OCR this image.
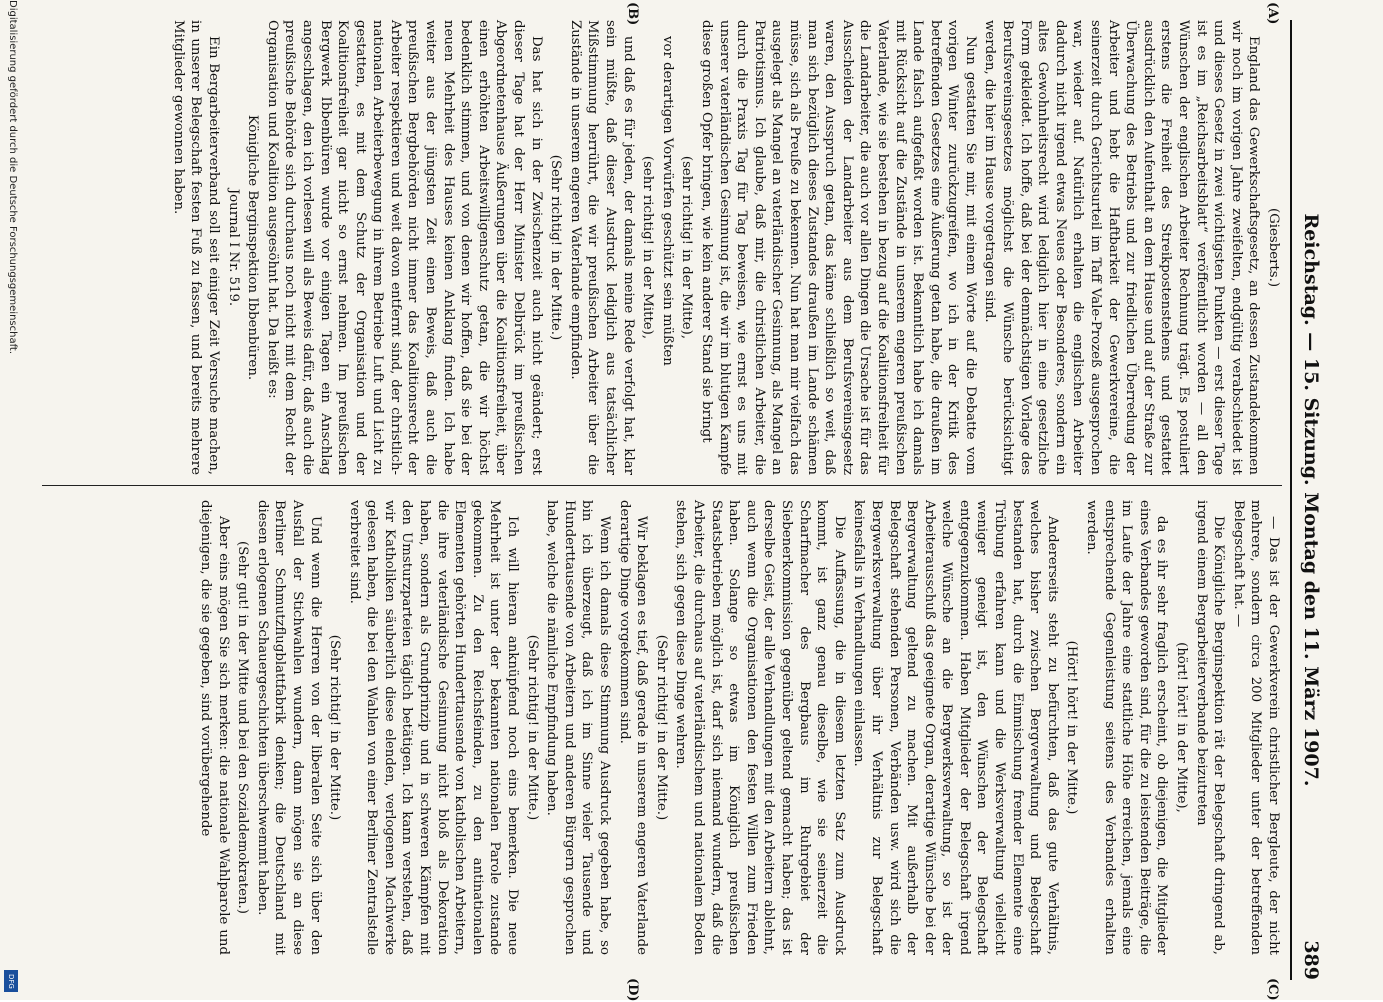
Digitalisierung gefördert durch die Deutsche Forschungsgemeinschaft.
DFG
Reichstag. — 15. Sitzung. Montag den 11. März 1907.
389
(A)
(B)
(C)
(D)

(Giesberts.)

England das Gewerkschaftsgesetz, an dessen Zustandekommen wir noch im vorigen Jahre zweifelten, endgültig verabschiedet ist und dieses Gesetz in zwei wichtigsten Punkten — erst dieser Tage ist es im „Reichsarbeitsblatt“ veröffentlicht worden — all den Wünschen der englischen Arbeiter Rechnung trägt. Es postuliert erstens die Freiheit des Streikpostenstehens und gestattet ausdrücklich den Aufenthalt an dem Hause und auf der Straße zur Überwachung des Betriebs und zur friedlichen Überredung der Arbeiter und hebt die Haftbarkeit der Gewerkvereine, die seinerzeit durch Gerichtsurteil im Taff Vale-Prozeß ausgesprochen war, wieder auf. Natürlich erhalten die englischen Arbeiter dadurch nicht irgend etwas Neues oder Besonderes, sondern ein altes Gewohnheitsrecht wird lediglich hier in eine gesetzliche Form gekleidet. Ich hoffe, daß bei der demnächstigen Vorlage des Berufsvereinsgesetzes möglichst die Wünsche berücksichtigt werden, die hier im Hause vorgetragen sind.

Nun gestatten Sie mir, mit einem Worte auf die Debatte vom vorigen Winter zurückzugreifen, wo ich in der Kritik des betreffenden Gesetzes eine Äußerung getan habe, die draußen im Lande falsch aufgefaßt worden ist. Bekanntlich habe ich damals mit Rücksicht auf die Zustände in unserem engeren preußischen Vaterlande, wie sie bestehen in bezug auf die Koalitionsfreiheit für die Landarbeiter, die auch vor allen Dingen die Ursache ist für das Ausscheiden der Landarbeiter aus dem Berufsvereinsgesetz waren, den Ausspruch getan, das käme schließlich so weit, daß man sich bezüglich dieses Zustandes draußen im Lande schämen müsse, sich als Preuße zu bekennen. Nun hat man mir vielfach das ausgelegt als Mangel an vaterländischer Gesinnung, als Mangel an Patriotismus. Ich glaube, daß mir, die christlichen Arbeiter, die durch die Praxis Tag für Tag beweisen, wie ernst es uns mit unserer vaterländischen Gesinnung ist, die wir im blutigen Kampfe diese großen Opfer bringen, wie kein anderer Stand sie bringt

(sehr richtig! in der Mitte),

vor derartigen Vorwürfen geschützt sein müßten

(sehr richtig! in der Mitte),

und daß es für jeden, der damals meine Rede verfolgt hat, klar sein müßte, daß dieser Ausdruck lediglich aus tatsächlicher Mißstimmung herrührt, die wir preußischen Arbeiter über die Zustände in unserem engeren Vaterlande empfinden.

(Sehr richtig! in der Mitte.)

Das hat sich in der Zwischenzeit auch nicht geändert; erst dieser Tage hat der Herr Minister Delbrück im preußischen Abgeordnetenhause Äußerungen über die Koalitionsfreiheit, über einen erhöhten Arbeitswilligenschutz getan, die wir höchst bedenklich stimmen, und von denen wir hoffen, daß sie bei der neuen Mehrheit des Hauses keinen Anklang finden. Ich habe weiter aus der jüngsten Zeit einen Beweis, daß auch die preußischen Bergbehörden nicht immer das Koalitionsrecht der Arbeiter respektieren und weit davon entfernt sind, der christlich-nationalen Arbeiterbewegung in ihrem Betriebe Luft und Licht zu gestatten, es mit dem Schutz der Organisation und der Koalitionsfreiheit gar nicht so ernst nehmen. Im preußischen Bergwerk Ibbenbüren wurde vor einigen Tagen ein Anschlag angeschlagen, den ich vorlesen will als Beweis dafür, daß auch die preußische Behörde sich durchaus noch nicht mit dem Recht der Organisation und Koalition ausgesöhnt hat. Da heißt es:

Königliche Berginspektion Ibbenbüren.

Journal I Nr. 519.

Ein Bergarbeiterverband soll seit einiger Zeit Versuche machen, in unserer Belegschaft festen Fuß zu fassen, und bereits mehrere Mitglieder gewonnen haben.

— Das ist der Gewerkverein christlicher Bergleute, der nicht mehrere, sondern circa 200 Mitglieder unter der betreffenden Belegschaft hat. —

Die Königliche Berginspektion rät der Belegschaft dringend ab, irgend einem Bergarbeiterverbande beizutreten

(hört! hört! in der Mitte),

da es ihr sehr fraglich erscheint, ob diejenigen, die Mitglieder eines Verbandes geworden sind, für die zu leistenden Beiträge, die im Laufe der Jahre eine stattliche Höhe erreichen, jemals eine entsprechende Gegenleistung seitens des Verbandes erhalten werden.

(Hört! hört! in der Mitte.)

Andererseits steht zu befürchten, daß das gute Verhältnis, welches bisher zwischen Bergverwaltung und Belegschaft bestanden hat, durch die Einmischung fremder Elemente eine Trübung erfahren kann und die Werksverwaltung vielleicht weniger geneigt ist, den Wünschen der Belegschaft entgegenzukommen. Haben Mitglieder der Belegschaft irgend welche Wünsche an die Bergwerksverwaltung, so ist der Arbeiterausschuß das geeignete Organ, derartige Wünsche bei der Bergverwaltung geltend zu machen. Mit außerhalb der Belegschaft stehenden Personen, Verbänden usw. wird sich die Bergwerksverwaltung über ihr Verhältnis zur Belegschaft keinesfalls in Verhandlungen einlassen.

Die Auffassung, die in diesem letzten Satz zum Ausdruck kommt, ist ganz genau dieselbe, wie sie seinerzeit die Scharfmacher des Bergbaus im Ruhrgebiet der Siebenerkommission gegenüber geltend gemacht haben; das ist derselbe Geist, der alle Verhandlungen mit den Arbeitern ablehnt, auch wenn die Organisationen den festen Willen zum Frieden haben. Solange so etwas im Königlich preußischen Staatsbetrieben möglich ist, darf sich niemand wundern, daß die Arbeiter, die durchaus auf vaterländischem und nationalem Boden stehen, sich gegen diese Dinge wehren.

(Sehr richtig! in der Mitte.)

Wir beklagen es tief, daß gerade in unserem engeren Vaterlande derartige Dinge vorgekommen sind.

Wenn ich damals diese Stimmung Ausdruck gegeben habe, so bin ich überzeugt, daß ich im Sinne vieler Tausende und Hunderttausende von Arbeitern und anderen Bürgern gesprochen habe, welche die nämliche Empfindung haben.

(Sehr richtig! in der Mitte.)

Ich will hieran anknüpfend noch eins bemerken. Die neue Mehrheit ist unter der bekannten nationalen Parole zustande gekommen. Zu den Reichsfeinden, zu den antinationalen Elementen gehörten Hunderttausende von katholischen Arbeitern, die ihre vaterländische Gesinnung nicht bloß als Dekoration haben, sondern als Grundprinzip und in schweren Kämpfen mit den Umsturzparteien täglich betätigen. Ich kann verstehen, daß wir Katholiken säuberlich diese elenden, verlogenen Machwerke gelesen haben, die bei den Wahlen von einer Berliner Zentralstelle verbreitet sind.

(Sehr richtig! in der Mitte.)

Und wenn die Herren von der liberalen Seite sich über den Ausfall der Stichwahlen wundern, dann mögen sie an diese Berliner Schmutzflugblattfabrik denken; die Deutschland mit diesen erlogenen Schauergeschichten überschwemmt haben.

(Sehr gut! in der Mitte und bei den Sozialdemokraten.)

Aber eins mögen Sie sich merken: die nationale Wahlparole und diejenigen, die sie gegeben, sind vorübergehende
